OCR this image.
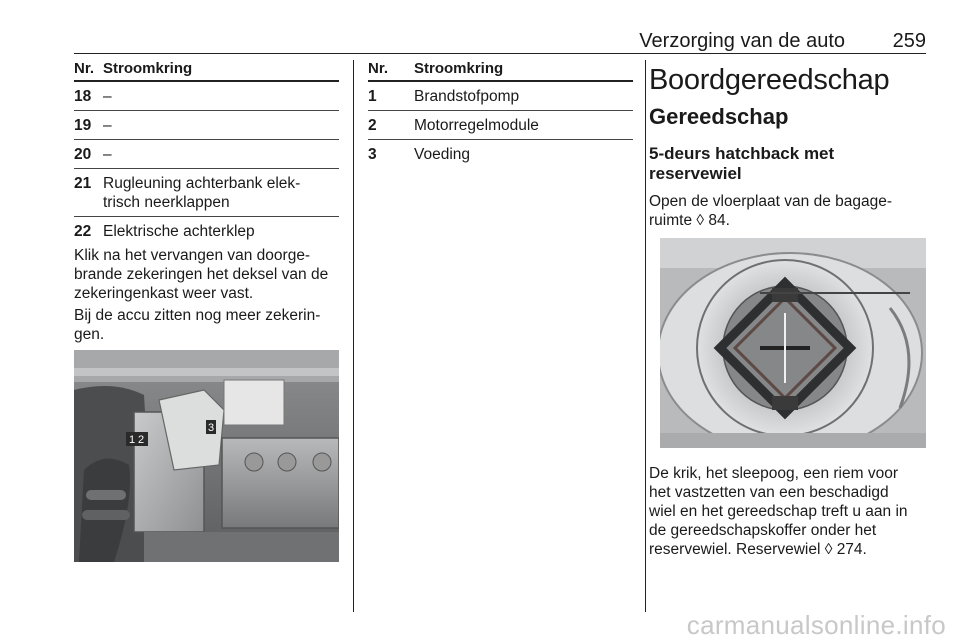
Verzorging van de auto	259
Nr. Stroomkring
18 –
19 –
20 –
21 Rugleuning achterbank elek-
trisch neerklappen
22 Elektrische achterklep
Klik na het vervangen van doorge-
brande zekeringen het deksel van de
zekeringenkast weer vast.
Bij de accu zitten nog meer zekerin-
gen.
1 2
3
Nr.	Stroomkring
1	Brandstofpomp
2	Motorregelmodule
3	Voeding
Boordgereedschap
Gereedschap
5-deurs hatchback met
reservewiel
Open de vloerplaat van de bagage-
ruimte ◊ 84.
De krik, het sleepoog, een riem voor
het vastzetten van een beschadigd
wiel en het gereedschap treft u aan in
de gereedschapskoffer onder het
reservewiel. Reservewiel ◊ 274.
carmanualsonline.info
